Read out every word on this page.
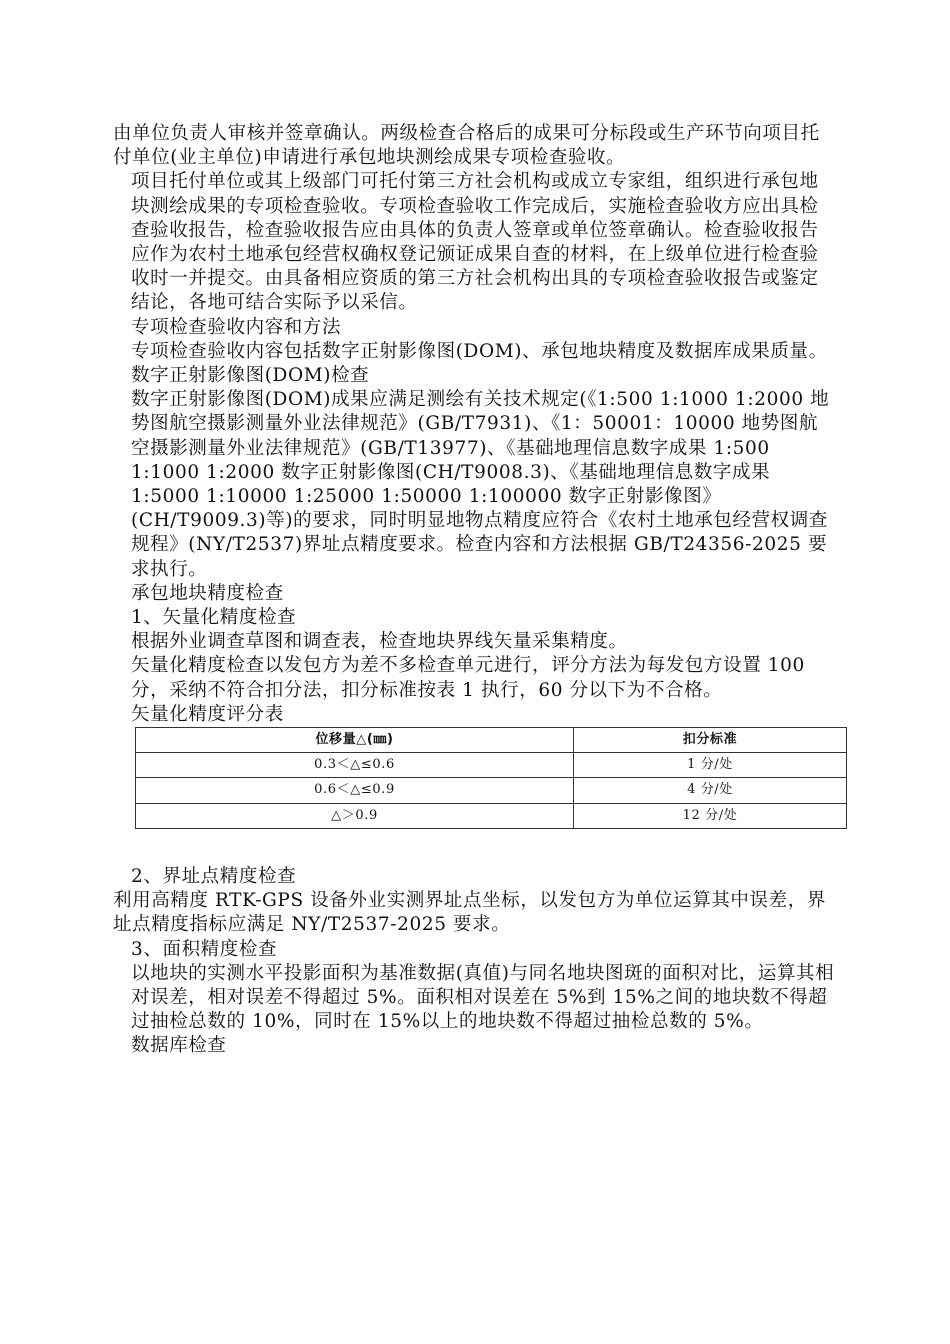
由单位负责人审核并签章确认。两级检查合格后的成果可分标段或生产环节向项目托付单位(业主单位)申请进行承包地块测绘成果专项检查验收。

项目托付单位或其上级部门可托付第三方社会机构或成立专家组，组织进行承包地块测绘成果的专项检查验收。专项检查验收工作完成后，实施检查验收方应出具检查验收报告，检查验收报告应由具体的负责人签章或单位签章确认。检查验收报告应作为农村土地承包经营权确权登记颁证成果自查的材料，在上级单位进行检查验收时一并提交。由具备相应资质的第三方社会机构出具的专项检查验收报告或鉴定结论，各地可结合实际予以采信。

专项检查验收内容和方法

专项检查验收内容包括数字正射影像图(DOM)、承包地块精度及数据库成果质量。

数字正射影像图(DOM)检查

数字正射影像图(DOM)成果应满足测绘有关技术规定(《1:500 1:1000 1:2000 地势图航空摄影测量外业法律规范》(GB/T7931)、《1：50001：10000 地势图航空摄影测量外业法律规范》(GB/T13977)、《基础地理信息数字成果 1:500 1:1000 1:2000 数字正射影像图(CH/T9008.3)、《基础地理信息数字成果 1:5000 1:10000 1:25000 1:50000 1:100000 数字正射影像图》(CH/T9009.3)等)的要求，同时明显地物点精度应符合《农村土地承包经营权调查规程》(NY/T2537)界址点精度要求。检查内容和方法根据 GB/T24356-2025 要求执行。

承包地块精度检查

1、矢量化精度检查

根据外业调查草图和调查表，检查地块界线矢量采集精度。

矢量化精度检查以发包方为差不多检查单元进行，评分方法为每发包方设置 100 分，采纳不符合扣分法，扣分标准按表 1 执行，60 分以下为不合格。

矢量化精度评分表

位移量△(㎜)	扣分标准
0.3＜△≤0.6	1 分/处
0.6＜△≤0.9	4 分/处
△＞0.9	12 分/处

2、界址点精度检查

利用高精度 RTK-GPS 设备外业实测界址点坐标，以发包方为单位运算其中误差，界址点精度指标应满足 NY/T2537-2025 要求。

3、面积精度检查

以地块的实测水平投影面积为基准数据(真值)与同名地块图斑的面积对比，运算其相对误差，相对误差不得超过 5%。面积相对误差在 5%到 15%之间的地块数不得超过抽检总数的 10%，同时在 15%以上的地块数不得超过抽检总数的 5%。

数据库检查
